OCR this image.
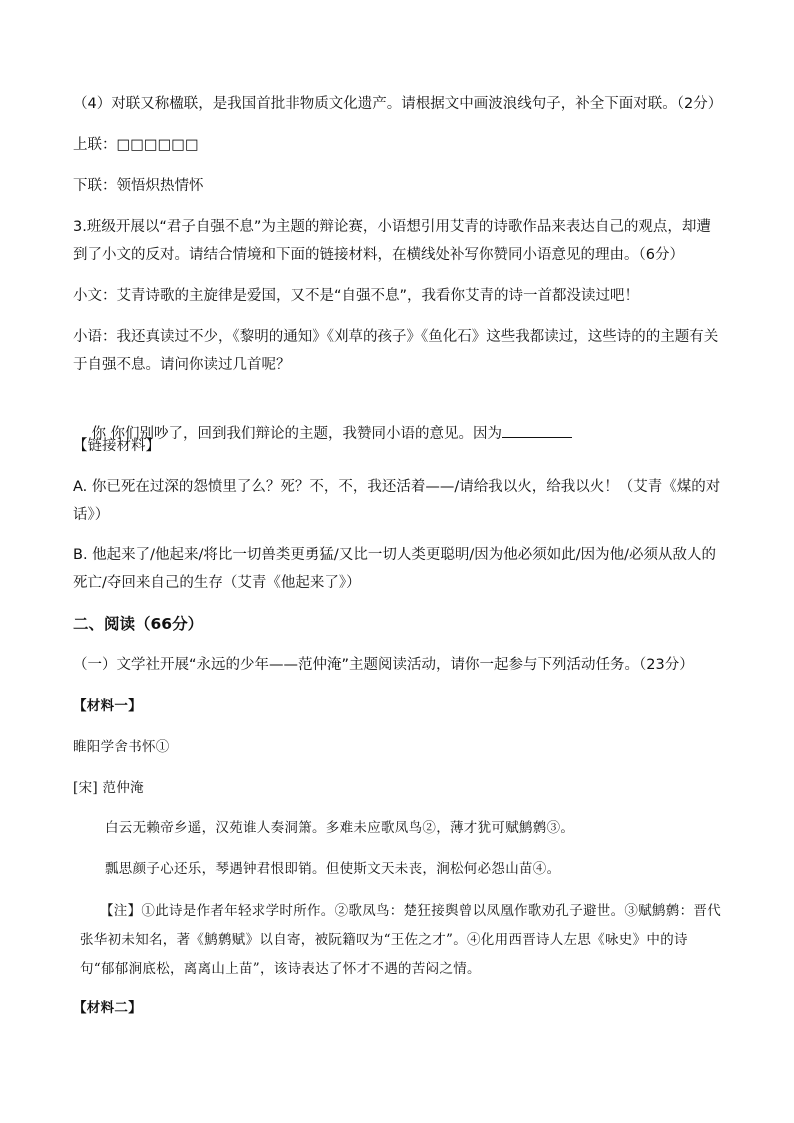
（4）对联又称楹联，是我国首批非物质文化遗产。请根据文中画波浪线句子，补全下面对联。（2分）
上联：□□□□□□
下联：领悟炽热情怀
3.班级开展以“君子自强不息”为主题的辩论赛，小语想引用艾青的诗歌作品来表达自己的观点，却遭到了小文的反对。请结合情境和下面的链接材料，在横线处补写你赞同小语意见的理由。（6分）
小文：艾青诗歌的主旋律是爱国，又不是“自强不息”，我看你艾青的诗一首都没读过吧！
小语：我还真读过不少，《黎明的通知》《刈草的孩子》《鱼化石》这些我都读过，这些诗的的主题有关于自强不息。请问你读过几首呢？

你 你们别吵了，回到我们辩论的主题，我赞同小语的意见。因为

【链接材料】
A. 你已死在过深的怨愤里了么？死？不，不，我还活着——/请给我以火，给我以火！（艾青《煤的对话》）
B. 他起来了/他起来/将比一切兽类更勇猛/又比一切人类更聪明/因为他必须如此/因为他/必须从敌人的死亡/夺回来自己的生存（艾青《他起来了》）
二、阅读（66分）
（一）文学社开展“永远的少年——范仲淹”主题阅读活动，请你一起参与下列活动任务。（23分）
【材料一】
睢阳学舍书怀①
[宋] 范仲淹
白云无赖帝乡遥，汉苑谁人奏洞箫。多难未应歌凤鸟②，薄才犹可赋鹪鹩③。
瓢思颜子心还乐，琴遇钟君恨即销。但使斯文天未丧，涧松何必怨山苗④。
【注】①此诗是作者年轻求学时所作。②歌凤鸟：楚狂接舆曾以凤凰作歌劝孔子避世。③赋鹪鹩：晋代张华初未知名，著《鹪鹩赋》以自寄，被阮籍叹为“王佐之才”。④化用西晋诗人左思《咏史》中的诗句“郁郁涧底松，离离山上苗”，该诗表达了怀才不遇的苦闷之情。
【材料二】
